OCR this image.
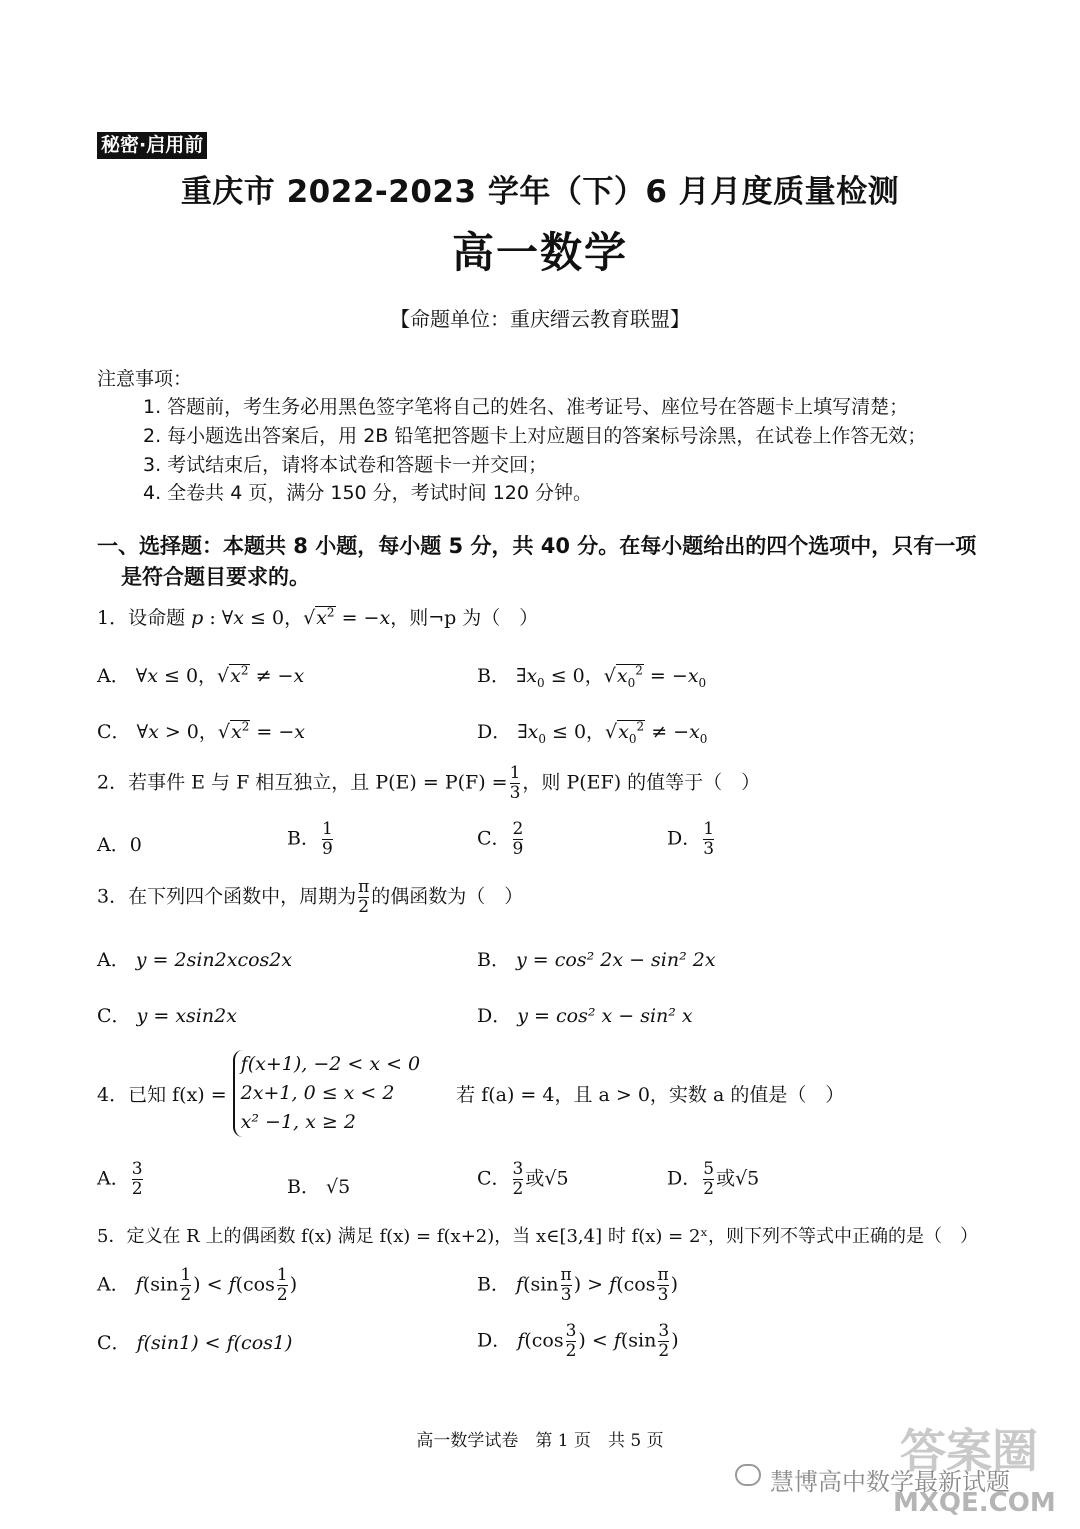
秘密·启用前
重庆市 2022-2023 学年（下）6 月月度质量检测
高一数学
【命题单位：重庆缙云教育联盟】
注意事项：
1. 答题前，考生务必用黑色签字笔将自己的姓名、准考证号、座位号在答题卡上填写清楚；
2. 每小题选出答案后，用 2B 铅笔把答题卡上对应题目的答案标号涂黑，在试卷上作答无效；
3. 考试结束后，请将本试卷和答题卡一并交回；
4. 全卷共 4 页，满分 150 分，考试时间 120 分钟。
一、选择题：本题共 8 小题，每小题 5 分，共 40 分。在每小题给出的四个选项中，只有一项
是符合题目要求的。
1．设命题 p : ∀x ≤ 0，$√x^2 = -x$，则¬p 为（　）
A． ∀x ≤ 0，$√x^2 \ne -x$	B． $\exists x_0 \le 0$，$√x_0^2 = -x_0$
C． ∀x > 0，$√x^2 = -x$	D． $\exists x_0 \le 0$，$√x_0^2 \ne -x_0$
2．若事件 E 与 F 相互独立，且 $P(E) = P(F) = \frac{1}{3}$ ，则 P(EF) 的值等于（　）
A．0	B． $\frac{1}{9}$	C． $\frac{2}{9}$	D． $\frac{1}{3}$
3．在下列四个函数中，周期为 $\frac{\pi}{2}$ 的偶函数为（　）
A． y = 2sin2xcos2x	B． y = cos² 2x − sin² 2x
C． y = xsin2x	D． y = cos² x − sin² x
4．已知 f(x) =
f(x+1), −2 < x < 0
2x+1, 0 ≤ x < 2
x² −1, x ≥ 2
若 f(a) = 4，且 a > 0，实数 a 的值是（　）
A． $\frac{3}{2}$	B． √5	C． $\frac{3}{2}$ 或√5	D． $\frac{5}{2}$ 或√5
5．定义在 R 上的偶函数 f(x) 满足 f(x) = f(x+2)，当 x∈[3,4] 时 f(x) = 2ˣ，则下列不等式中正确的是（　）
A． $f(\sin \frac{1}{2}$ ) < $f(\cos \frac{1}{2}$ )	B． $f(\sin \frac{\pi}{3}$ ) > $f(\cos \frac{\pi}{3}$ )
C． f(sin1) < f(cos1)	D． $f(\cos \frac{3}{2}$ ) < $f(\sin \frac{3}{2}$ )
高一数学试卷　第 1 页　共 5 页	答案圈
慧博高中数学最新试题
MXQE.COM
